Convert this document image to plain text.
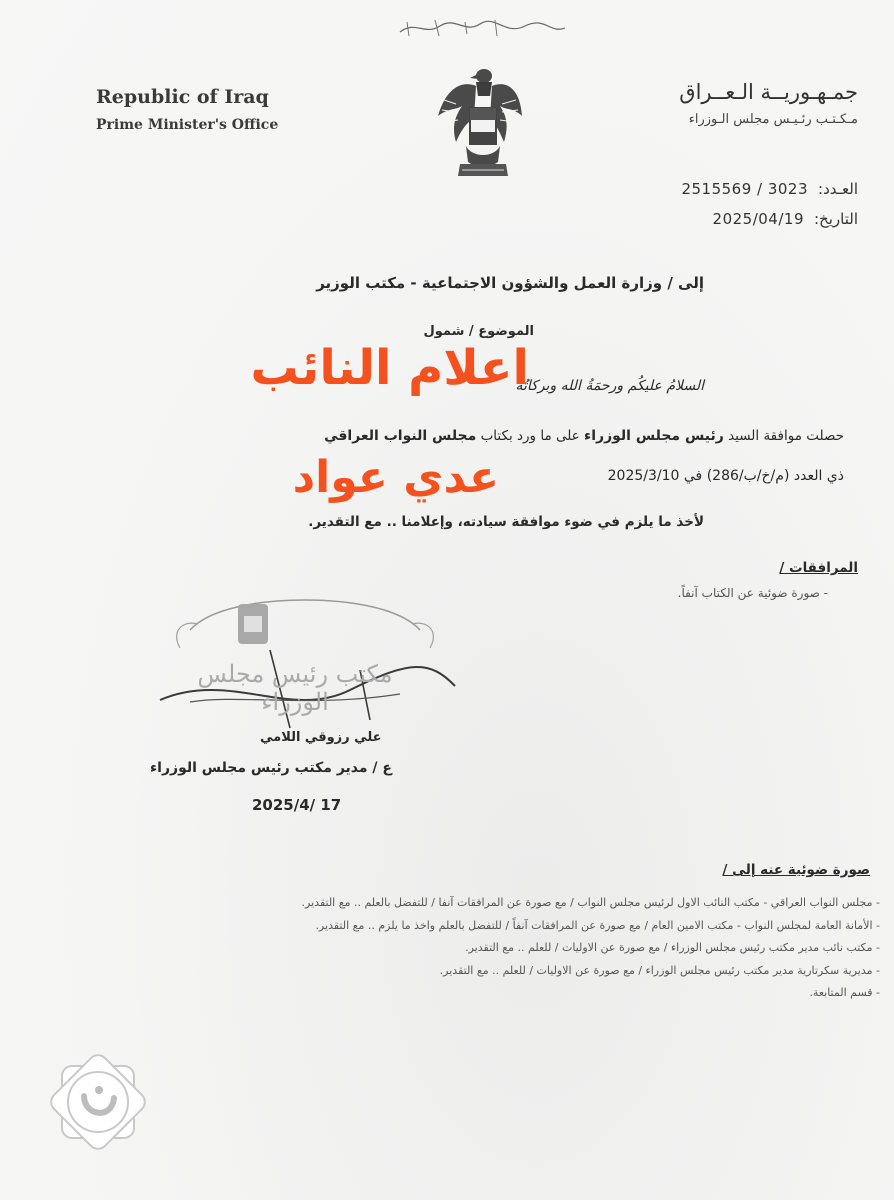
Republic of Iraq
Prime Minister's Office
جمـهـوريــة الـعــراق
مـكـتـب رئـيـس مجلس الـوزراء
العـدد:
2515569 / 3023
التاريخ:
2025/04/19
إلى / وزارة العمل والشؤون الاجتماعية - مكتب الوزير
الموضوع / شمول
السلامُ عليكُم ورحمَةُ الله وبركاتُهُ
حصلت موافقة السيد رئيس مجلس الوزراء على ما ورد بكتاب مجلس النواب العراقي
ذي العدد (م/خ/ب/286) في 2025/3/10
لأخذ ما يلزم في ضوء موافقة سيادته، وإعلامنا .. مع التقدير.
اعلام النائب
عدي عواد
المرافقات /
- صورة ضوئية عن الكتاب آنفاً.
مكتب رئيس مجلس الوزراء
علي رزوقي اللامي
ع / مدير مكتب رئيس مجلس الوزراء
2025/4/ 17
صورة ضوئية عنه إلى /
- مجلس النواب العراقي - مكتب النائب الاول لرئيس مجلس النواب / مع صورة عن المرافقات آنفا / للتفضل بالعلم .. مع التقدير.
- الأمانة العامة لمجلس النواب - مكتب الامين العام / مع صورة عن المرافقات آنفاً / للتفضل بالعلم واخذ ما يلزم .. مع التقدير.
- مكتب نائب مدير مكتب رئيس مجلس الوزراء / مع صورة عن الاوليات / للعلم .. مع التقدير.
- مديرية سكرتارية مدير مكتب رئيس مجلس الوزراء / مع صورة عن الاوليات / للعلم .. مع التقدير.
- قسم المتابعة.
